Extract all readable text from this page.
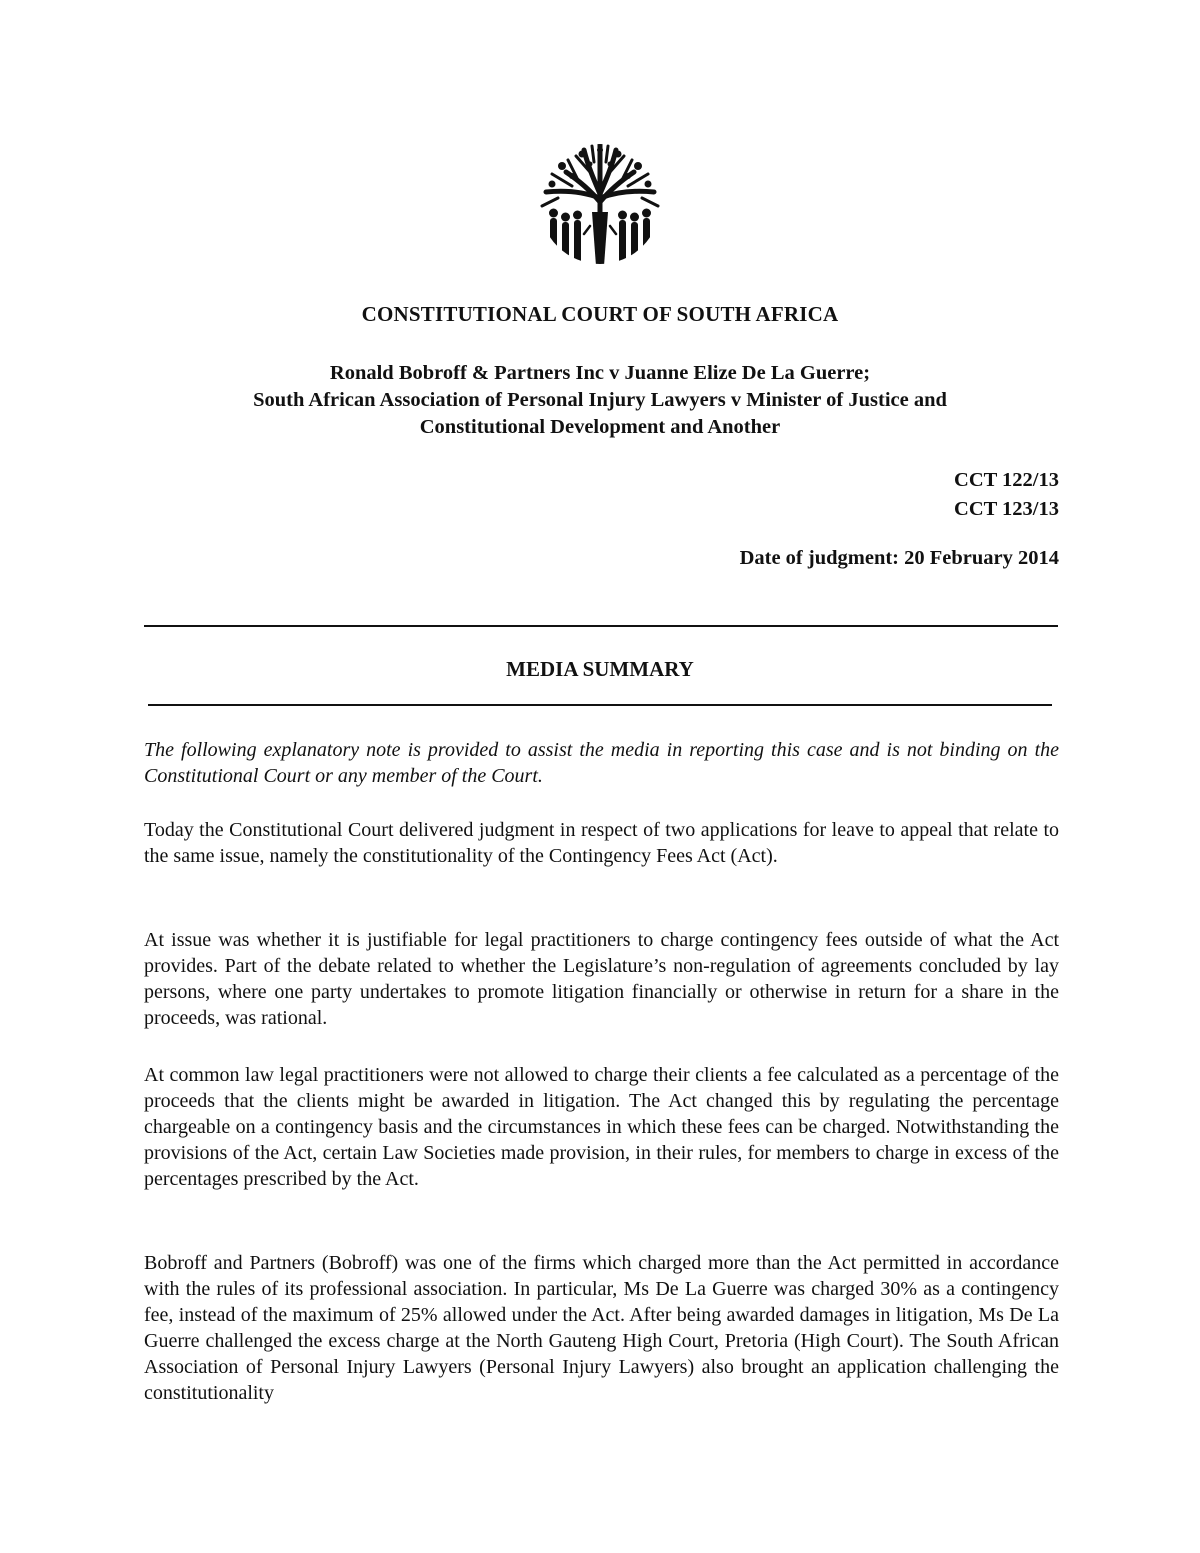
CONSTITUTIONAL COURT OF SOUTH AFRICA
Ronald Bobroff & Partners Inc v Juanne Elize De La Guerre;
South African Association of Personal Injury Lawyers v Minister of Justice and
Constitutional Development and Another
CCT 122/13
CCT 123/13
Date of judgment: 20 February 2014
MEDIA SUMMARY

The following explanatory note is provided to assist the media in reporting this case and is not binding on the Constitutional Court or any member of the Court.

Today the Constitutional Court delivered judgment in respect of two applications for leave to appeal that relate to the same issue, namely the constitutionality of the Contingency Fees Act (Act).

At issue was whether it is justifiable for legal practitioners to charge contingency fees outside of what the Act provides. Part of the debate related to whether the Legislature’s non-regulation of agreements concluded by lay persons, where one party undertakes to promote litigation financially or otherwise in return for a share in the proceeds, was rational.

At common law legal practitioners were not allowed to charge their clients a fee calculated as a percentage of the proceeds that the clients might be awarded in litigation. The Act changed this by regulating the percentage chargeable on a contingency basis and the circumstances in which these fees can be charged. Notwithstanding the provisions of the Act, certain Law Societies made provision, in their rules, for members to charge in excess of the percentages prescribed by the Act.

Bobroff and Partners (Bobroff) was one of the firms which charged more than the Act permitted in accordance with the rules of its professional association. In particular, Ms De La Guerre was charged 30% as a contingency fee, instead of the maximum of 25% allowed under the Act. After being awarded damages in litigation, Ms De La Guerre challenged the excess charge at the North Gauteng High Court, Pretoria (High Court). The South African Association of Personal Injury Lawyers (Personal Injury Lawyers) also brought an application challenging the constitutionality
